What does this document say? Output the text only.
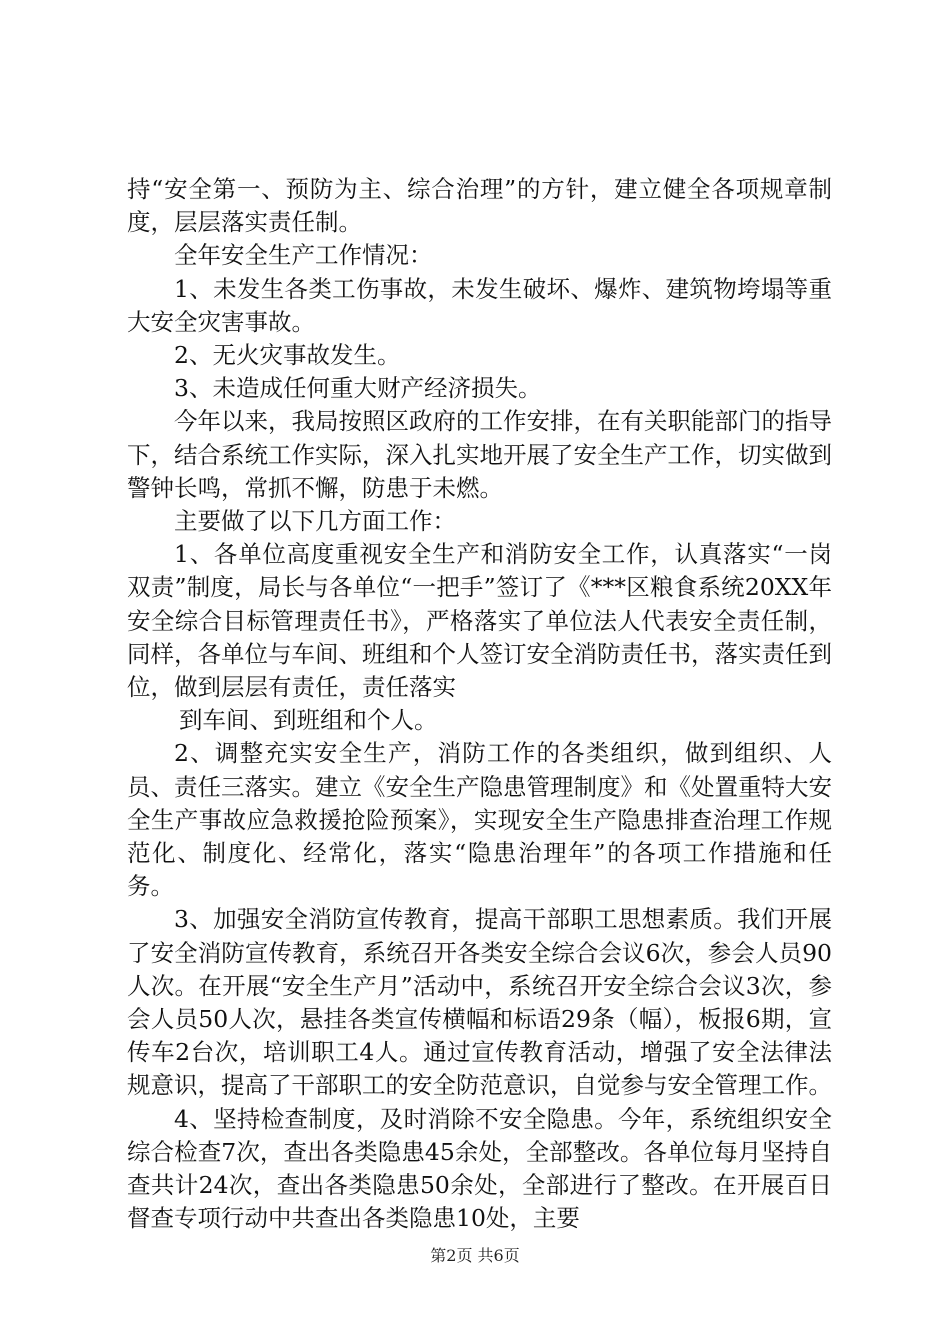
持“安全第一、预防为主、综合治理”的方针，建立健全各项规章制度，层层落实责任制。

全年安全生产工作情况：

1、未发生各类工伤事故，未发生破坏、爆炸、建筑物垮塌等重大安全灾害事故。

2、无火灾事故发生。

3、未造成任何重大财产经济损失。

今年以来，我局按照区政府的工作安排，在有关职能部门的指导下，结合系统工作实际，深入扎实地开展了安全生产工作，切实做到警钟长鸣，常抓不懈，防患于未燃。

主要做了以下几方面工作：

1、各单位高度重视安全生产和消防安全工作，认真落实“一岗双责”制度，局长与各单位“一把手”签订了《***区粮食系统20XX年安全综合目标管理责任书》，严格落实了单位法人代表安全责任制，同样，各单位与车间、班组和个人签订安全消防责任书，落实责任到位，做到层层有责任，责任落实

到车间、到班组和个人。

2、调整充实安全生产，消防工作的各类组织，做到组织、人员、责任三落实。建立《安全生产隐患管理制度》和《处置重特大安全生产事故应急救援抢险预案》，实现安全生产隐患排查治理工作规范化、制度化、经常化，落实“隐患治理年”的各项工作措施和任务。

3、加强安全消防宣传教育，提高干部职工思想素质。我们开展了安全消防宣传教育，系统召开各类安全综合会议6次，参会人员90人次。在开展“安全生产月”活动中，系统召开安全综合会议3次，参会人员50人次，悬挂各类宣传横幅和标语29条（幅），板报6期，宣传车2台次，培训职工4人。通过宣传教育活动，增强了安全法律法规意识，提高了干部职工的安全防范意识，自觉参与安全管理工作。

4、坚持检查制度，及时消除不安全隐患。今年，系统组织安全综合检查7次，查出各类隐患45余处，全部整改。各单位每月坚持自查共计24次，查出各类隐患50余处，全部进行了整改。在开展百日督查专项行动中共查出各类隐患10处，主要

第2页 共6页
